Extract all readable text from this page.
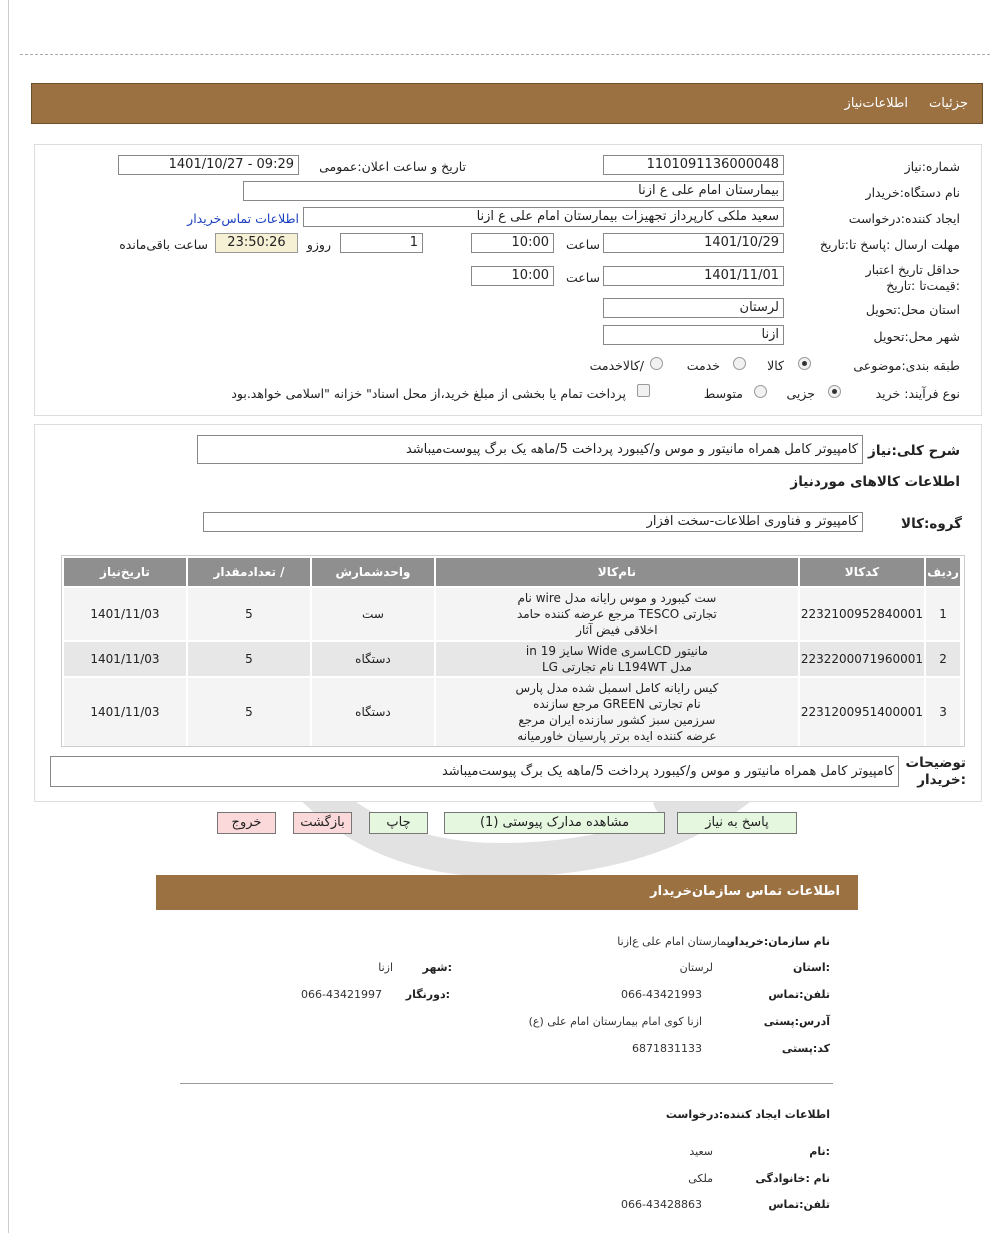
جزئیات
اطلاعات‌نیاز
شماره:نیاز
1101091136000048
تاریخ و ساعت اعلان:عمومی
1401/10/27 - 09:29
نام دستگاه:خریدار
بیمارستان امام علی ع ازنا
ایجاد کننده:درخواست
سعید ملکی کارپرداز تجهیزات بیمارستان امام علی ع ازنا
اطلاعات تماس‌خریدار
مهلت ارسال :پاسخ تا:تاریخ
1401/10/29
ساعت
10:00
1
روزو
23:50:26
ساعت باقی‌مانده
حداقل تاریخ اعتبار :قیمت‌تا :تاریخ
1401/11/01
ساعت
10:00
استان محل:تحویل
لرستان
شهر محل:تحویل
ازنا
طبقه بندی:موضوعی
کالا
خدمت
/کالاخدمت
نوع فرآیند: خرید
جزیی
متوسط
پرداخت تمام یا بخشی از مبلغ خرید،از محل اسناد" خزانه "اسلامی خواهد.بود
شرح کلی:نیاز
کامپیوتر کامل همراه مانیتور و موس و/کیبورد پرداخت 5/ماهه یک برگ پیوست‌میباشد
اطلاعات کالاهای موردنیاز
گروه:کالا
کامپیوتر و فناوری اطلاعات-سخت افزار
ردیف	کدکالا	نام‌کالا	واحدشمارش	/ تعدادمقدار	تاریخ‌نیاز
1	2232100952840001	ست کیبورد و موس رایانه مدل wire نام تجارتی TESCO مرجع عرضه کننده حامد اخلاقی فیض آثار	ست	5	1401/11/03
2	2232200071960001	مانیتور LCDسری Wide سایز 19 in مدل L194WT نام تجارتی LG	دستگاه	5	1401/11/03
3	2231200951400001	کیس رایانه کامل اسمبل شده مدل پارس نام تجارتی GREEN مرجع سازنده سرزمین سبز کشور سازنده ایران مرجع عرضه کننده ایده برتر پارسیان خاورمیانه	دستگاه	5	1401/11/03
توضیحات :خریدار
کامپیوتر کامل همراه مانیتور و موس و/کیبورد پرداخت 5/ماهه یک برگ پیوست‌میباشد
پاسخ به نیاز
مشاهده مدارک پیوستی (1)
چاپ
بازگشت
خروج
اطلاعات تماس سازمان‌خریدار
نام سازمان:خریدار
بیمارستان امام علی ع‌ازنا
:استان
لرستان
:شهر
ازنا
تلفن:تماس
066-43421993
:دورنگار
066-43421997
آدرس:پستی
ازنا کوی امام بیمارستان امام علی (ع)
کد:پستی
6871831133
اطلاعات ایجاد کننده:درخواست
:نام
سعید
نام :خانوادگی
ملکی
تلفن:تماس
066-43428863
